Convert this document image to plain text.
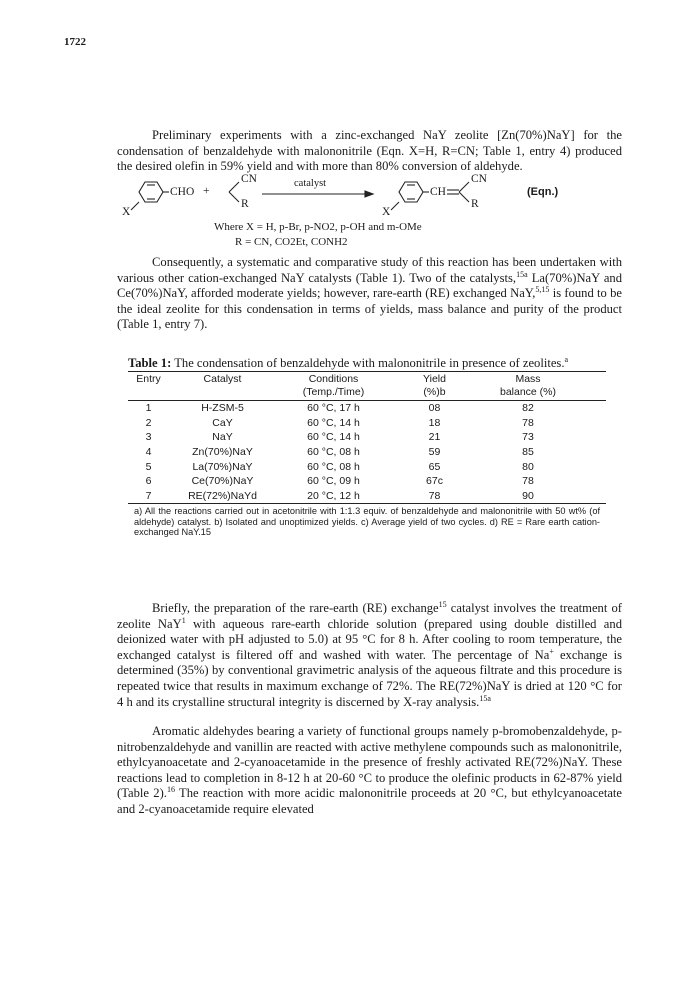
1722

Preliminary experiments with a zinc-exchanged NaY zeolite [Zn(70%)NaY] for the condensation of benzaldehyde with malononitrile (Eqn. X=H, R=CN; Table 1, entry 4) produced the desired olefin in 59% yield and with more than 80% conversion of aldehyde.

CHO +
CN
R
X
catalyst
CH
CN
R
X
(Eqn.)
Where X = H, p-Br, p-NO2, p-OH and m-OMe
R = CN, CO2Et, CONH2

Consequently, a systematic and comparative study of this reaction has been undertaken with various other cation-exchanged NaY catalysts (Table 1). Two of the catalysts,$^{15a}$ La(70%)NaY and Ce(70%)NaY, afforded moderate yields; however, rare-earth (RE) exchanged NaY,$^{5,15}$ is found to be the ideal zeolite for this condensation in terms of yields, mass balance and purity of the product (Table 1, entry 7).

Table 1: The condensation of benzaldehyde with malononitrile in presence of zeolites.$^a$
Entry	Catalyst	Conditions	Yield	Mass
(Temp./Time)	(%)b	balance (%)
1	H-ZSM-5	60 °C, 17 h	08	82
2	CaY	60 °C, 14 h	18	78
3	NaY	60 °C, 14 h	21	73
4	Zn(70%)NaY	60 °C, 08 h	59	85
5	La(70%)NaY	60 °C, 08 h	65	80
6	Ce(70%)NaY	60 °C, 09 h	67c	78
7	RE(72%)NaYd	20 °C, 12 h	78	90
a) All the reactions carried out in acetonitrile with 1:1.3 equiv. of benzaldehyde and malononitrile with 50 wt% (of aldehyde) catalyst. b) Isolated and unoptimized yields. c) Average yield of two cycles. d) RE = Rare earth cation-exchanged NaY.15

Briefly, the preparation of the rare-earth (RE) exchange$^{15}$ catalyst involves the treatment of zeolite NaY$^1$ with aqueous rare-earth chloride solution (prepared using double distilled and deionized water with pH adjusted to 5.0) at 95 °C for 8 h. After cooling to room temperature, the exchanged catalyst is filtered off and washed with water. The percentage of Na+ exchange is determined (35%) by conventional gravimetric analysis of the aqueous filtrate and this procedure is repeated twice that results in maximum exchange of 72%. The RE(72%)NaY is dried at 120 °C for 4 h and its crystalline structural integrity is discerned by X-ray analysis.$^{15a}$

Aromatic aldehydes bearing a variety of functional groups namely p-bromobenzaldehyde, p-nitrobenzaldehyde and vanillin are reacted with active methylene compounds such as malononitrile, ethylcyanoacetate and 2-cyanoacetamide in the presence of freshly activated RE(72%)NaY. These reactions lead to completion in 8-12 h at 20-60 °C to produce the olefinic products in 62-87% yield (Table 2).$^{16}$ The reaction with more acidic malononitrile proceeds at 20 °C, but ethylcyanoacetate and 2-cyanoacetamide require elevated
